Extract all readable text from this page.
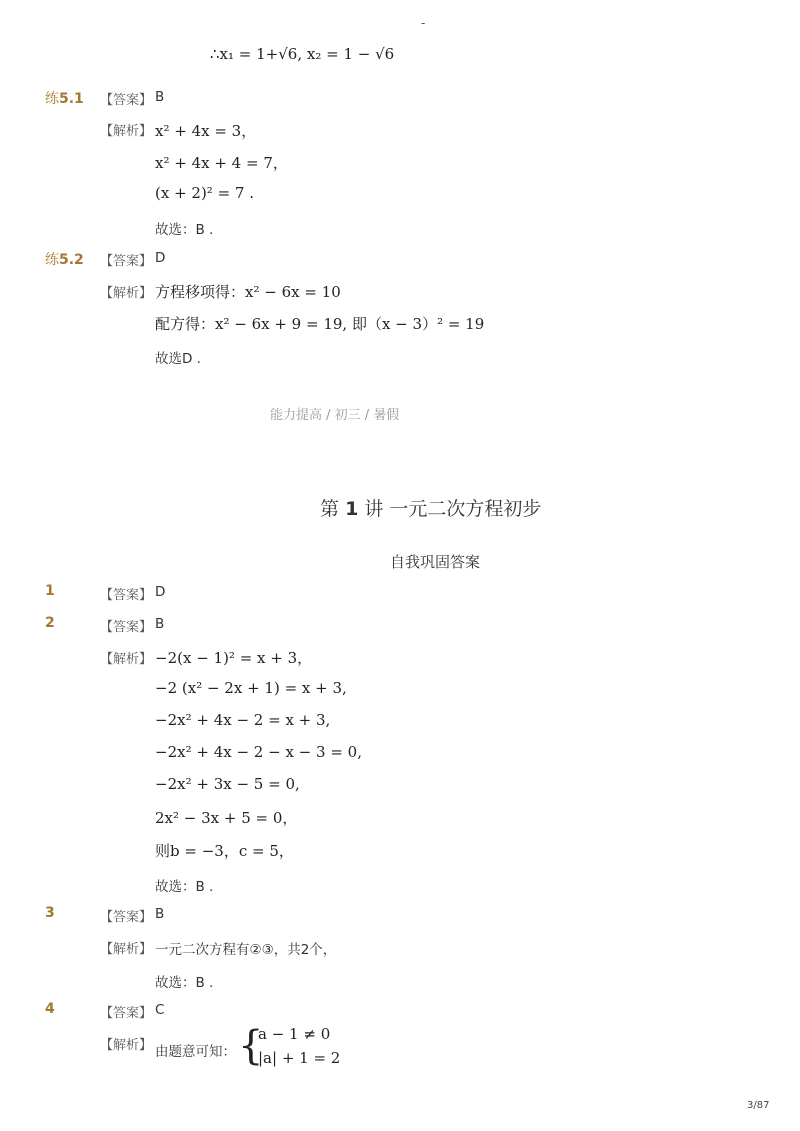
-
∴x₁ = 1+√6, x₂ = 1 − √6
练5.1 【答案】 B
【解析】 x² + 4x = 3，
x² + 4x + 4 = 7，
(x + 2)² = 7 .
故选：B .
练5.2 【答案】 D
【解析】 方程移项得：x² − 6x = 10
配方得：x² − 6x + 9 = 19, 即（x − 3）² = 19
故选D .
能力提高 / 初三 / 暑假
第 1 讲 一元二次方程初步
自我巩固答案
1	【答案】 D
2	【答案】 B
【解析】 −2(x − 1)² = x + 3，
−2 (x² − 2x + 1) = x + 3,
−2x² + 4x − 2 = x + 3,
−2x² + 4x − 2 − x − 3 = 0,
−2x² + 3x − 5 = 0,
2x² − 3x + 5 = 0，
则b = −3，c = 5，
故选：B .
3	【答案】 B
【解析】 一元二次方程有②③，共2个，
故选：B .
4	【答案】 C
【解析】 由题意可知： {
a − 1 ≠ 0
|a| + 1 = 2
3/87
